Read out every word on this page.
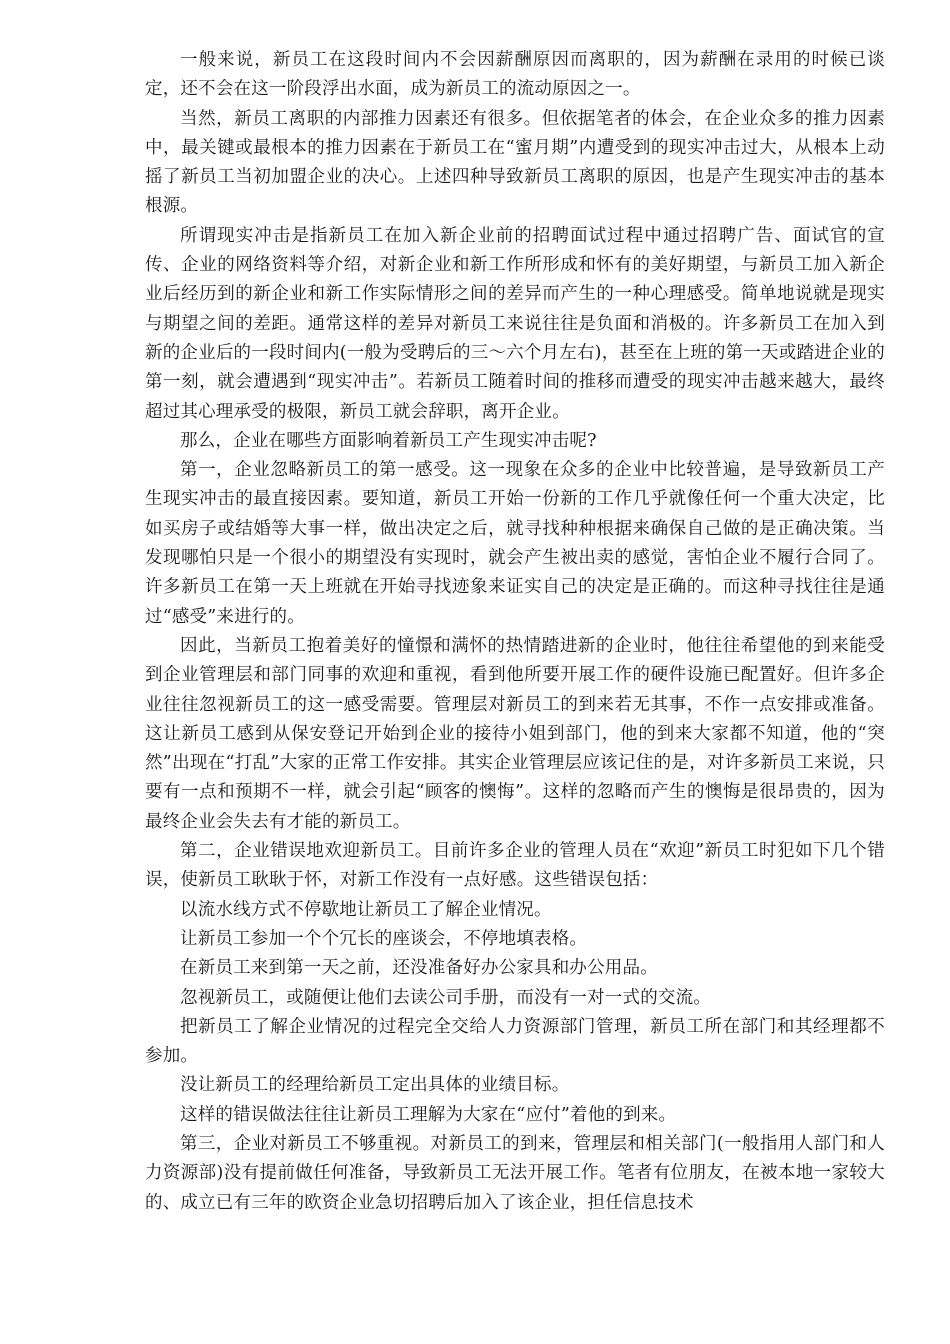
一般来说，新员工在这段时间内不会因薪酬原因而离职的，因为薪酬在录用的时候已谈定，还不会在这一阶段浮出水面，成为新员工的流动原因之一。

当然，新员工离职的内部推力因素还有很多。但依据笔者的体会，在企业众多的推力因素中，最关键或最根本的推力因素在于新员工在“蜜月期”内遭受到的现实冲击过大，从根本上动摇了新员工当初加盟企业的决心。上述四种导致新员工离职的原因，也是产生现实冲击的基本根源。

所谓现实冲击是指新员工在加入新企业前的招聘面试过程中通过招聘广告、面试官的宣传、企业的网络资料等介绍，对新企业和新工作所形成和怀有的美好期望，与新员工加入新企业后经历到的新企业和新工作实际情形之间的差异而产生的一种心理感受。简单地说就是现实与期望之间的差距。通常这样的差异对新员工来说往往是负面和消极的。许多新员工在加入到新的企业后的一段时间内(一般为受聘后的三～六个月左右)，甚至在上班的第一天或踏进企业的第一刻，就会遭遇到“现实冲击”。若新员工随着时间的推移而遭受的现实冲击越来越大，最终超过其心理承受的极限，新员工就会辞职，离开企业。

那么，企业在哪些方面影响着新员工产生现实冲击呢?

第一，企业忽略新员工的第一感受。这一现象在众多的企业中比较普遍，是导致新员工产生现实冲击的最直接因素。要知道，新员工开始一份新的工作几乎就像任何一个重大决定，比如买房子或结婚等大事一样，做出决定之后，就寻找种种根据来确保自己做的是正确决策。当发现哪怕只是一个很小的期望没有实现时，就会产生被出卖的感觉，害怕企业不履行合同了。许多新员工在第一天上班就在开始寻找迹象来证实自己的决定是正确的。而这种寻找往往是通过“感受”来进行的。

因此，当新员工抱着美好的憧憬和满怀的热情踏进新的企业时，他往往希望他的到来能受到企业管理层和部门同事的欢迎和重视，看到他所要开展工作的硬件设施已配置好。但许多企业往往忽视新员工的这一感受需要。管理层对新员工的到来若无其事，不作一点安排或准备。这让新员工感到从保安登记开始到企业的接待小姐到部门，他的到来大家都不知道，他的“突然”出现在“打乱”大家的正常工作安排。其实企业管理层应该记住的是，对许多新员工来说，只要有一点和预期不一样，就会引起“顾客的懊悔”。这样的忽略而产生的懊悔是很昂贵的，因为最终企业会失去有才能的新员工。

第二，企业错误地欢迎新员工。目前许多企业的管理人员在“欢迎”新员工时犯如下几个错误，使新员工耿耿于怀，对新工作没有一点好感。这些错误包括：

以流水线方式不停歇地让新员工了解企业情况。

让新员工参加一个个冗长的座谈会，不停地填表格。

在新员工来到第一天之前，还没准备好办公家具和办公用品。

忽视新员工，或随便让他们去读公司手册，而没有一对一式的交流。

把新员工了解企业情况的过程完全交给人力资源部门管理，新员工所在部门和其经理都不参加。

没让新员工的经理给新员工定出具体的业绩目标。

这样的错误做法往往让新员工理解为大家在“应付”着他的到来。

第三，企业对新员工不够重视。对新员工的到来，管理层和相关部门(一般指用人部门和人力资源部)没有提前做任何准备，导致新员工无法开展工作。笔者有位朋友，在被本地一家较大的、成立已有三年的欧资企业急切招聘后加入了该企业，担任信息技术
